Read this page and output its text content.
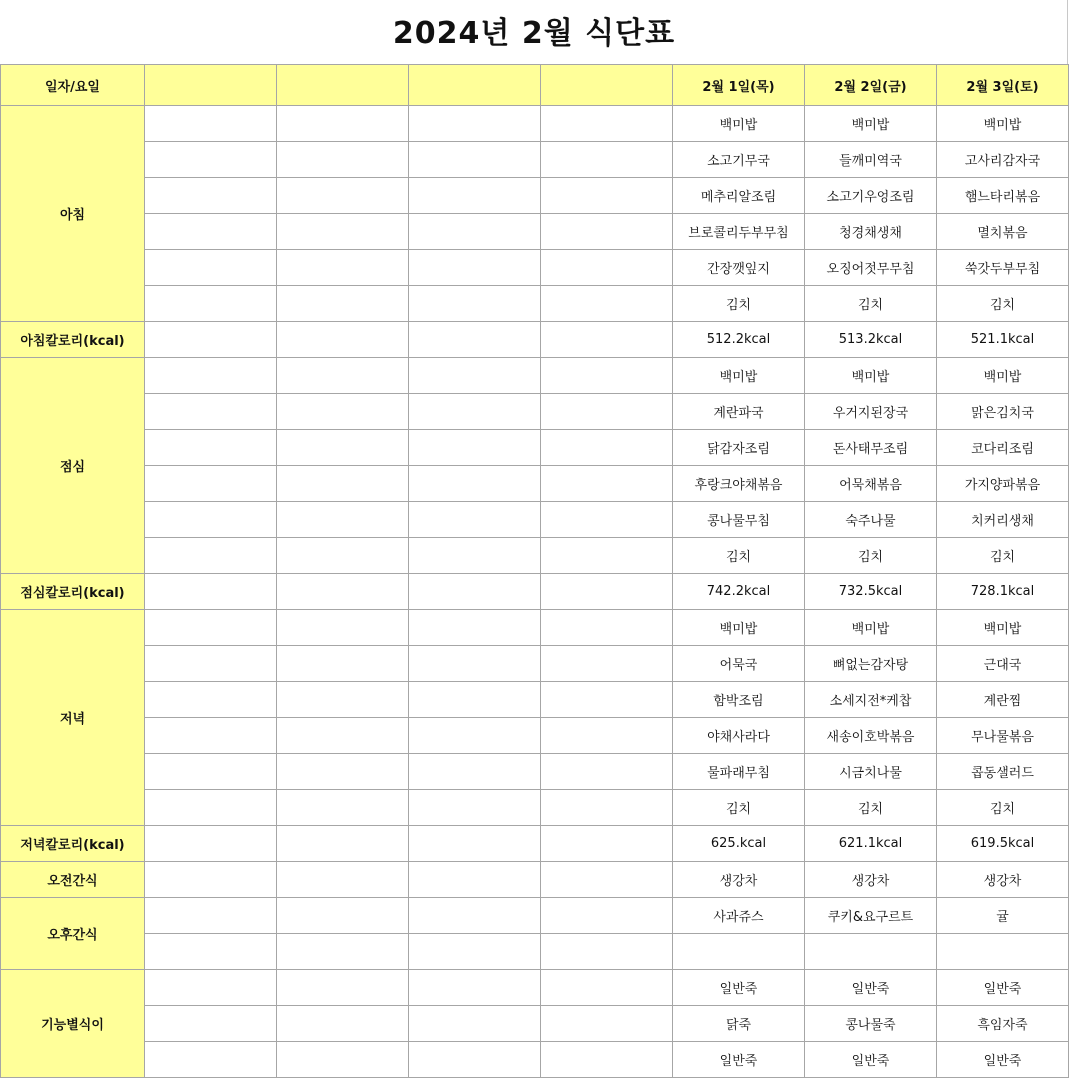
2024년 2월 식단표
일자/요일					2월 1일(목)	2월 2일(금)	2월 3일(토)
아침					백미밥	백미밥	백미밥
					소고기무국	들깨미역국	고사리감자국
					메추리알조림	소고기우엉조림	햄느타리볶음
					브로콜리두부무침	청경채생채	멸치볶음
					간장깻잎지	오징어젓무무침	쑥갓두부무침
					김치	김치	김치
아침칼로리(kcal)					512.2kcal	513.2kcal	521.1kcal
점심					백미밥	백미밥	백미밥
					계란파국	우거지된장국	맑은김치국
					닭감자조림	돈사태무조림	코다리조림
					후랑크야채볶음	어묵채볶음	가지양파볶음
					콩나물무침	숙주나물	치커리생채
					김치	김치	김치
점심칼로리(kcal)					742.2kcal	732.5kcal	728.1kcal
저녁					백미밥	백미밥	백미밥
					어묵국	뼈없는감자탕	근대국
					함박조림	소세지전*케찹	계란찜
					야채사라다	새송이호박볶음	무나물볶음
					물파래무침	시금치나물	콥동샐러드
					김치	김치	김치
저녁칼로리(kcal)					625.kcal	621.1kcal	619.5kcal
오전간식					생강차	생강차	생강차
오후간식					사과쥬스	쿠키&요구르트	귤

기능별식이					일반죽	일반죽	일반죽
					닭죽	콩나물죽	흑임자죽
					일반죽	일반죽	일반죽
